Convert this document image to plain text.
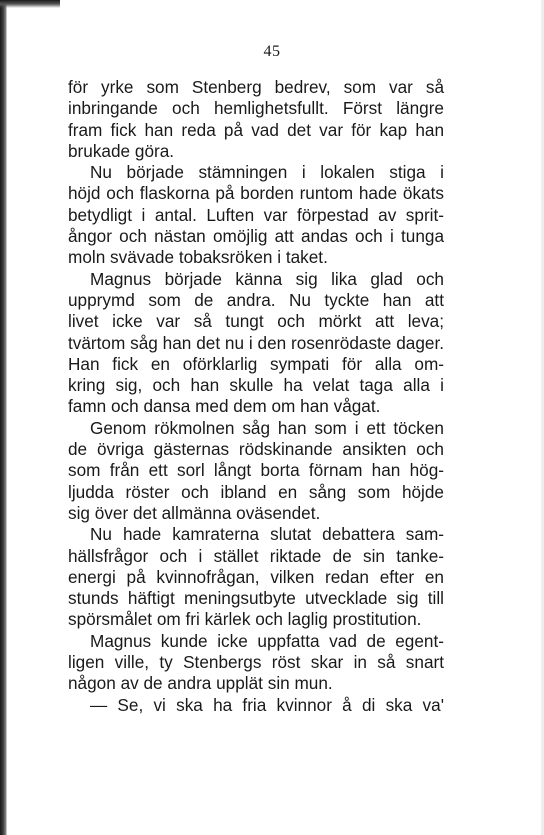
45
för yrke som Stenberg bedrev, som var så
inbringande och hemlighetsfullt. Först längre
fram fick han reda på vad det var för kap han
brukade göra.
Nu började stämningen i lokalen stiga i
höjd och flaskorna på borden runtom hade ökats
betydligt i antal. Luften var förpestad av sprit-
ångor och nästan omöjlig att andas och i tunga
moln svävade tobaksröken i taket.
Magnus började känna sig lika glad och
upprymd som de andra. Nu tyckte han att
livet icke var så tungt och mörkt att leva;
tvärtom såg han det nu i den rosenrödaste dager.
Han fick en oförklarlig sympati för alla om-
kring sig, och han skulle ha velat taga alla i
famn och dansa med dem om han vågat.
Genom rökmolnen såg han som i ett töcken
de övriga gästernas rödskinande ansikten och
som från ett sorl långt borta förnam han hög-
ljudda röster och ibland en sång som höjde
sig över det allmänna oväsendet.
Nu hade kamraterna slutat debattera sam-
hällsfrågor och i stället riktade de sin tanke-
energi på kvinnofrågan, vilken redan efter en
stunds häftigt meningsutbyte utvecklade sig till
spörsmålet om fri kärlek och laglig prostitution.
Magnus kunde icke uppfatta vad de egent-
ligen ville, ty Stenbergs röst skar in så snart
någon av de andra upplät sin mun.
— Se, vi ska ha fria kvinnor å di ska va'
